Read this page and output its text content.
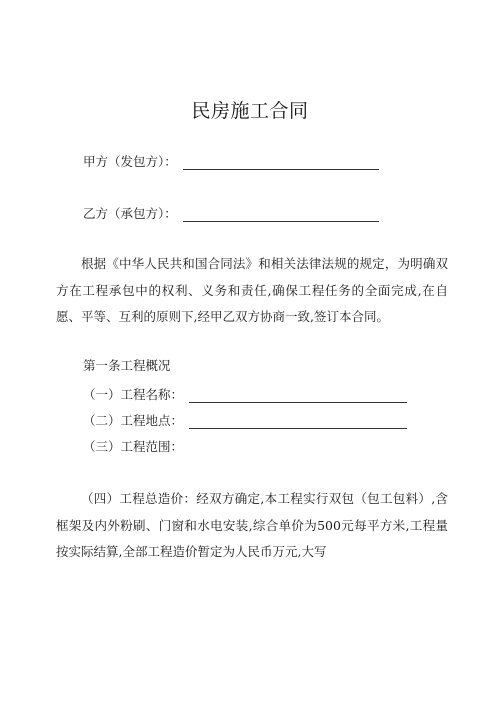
民房施工合同
甲方（发包方）：
乙方（承包方）：
根据《中华人民共和国合同法》和相关法律法规的规定，为明确双方在工程承包中的权利、义务和责任,确保工程任务的全面完成,在自愿、平等、互利的原则下,经甲乙双方协商一致,签订本合同。
第一条工程概况
（一）工程名称：
（二）工程地点：
（三）工程范围：
（四）工程总造价：经双方确定,本工程实行双包（包工包料）,含框架及内外粉刷、门窗和水电安装,综合单价为500元每平方米,工程量按实际结算,全部工程造价暂定为人民币万元,大写
